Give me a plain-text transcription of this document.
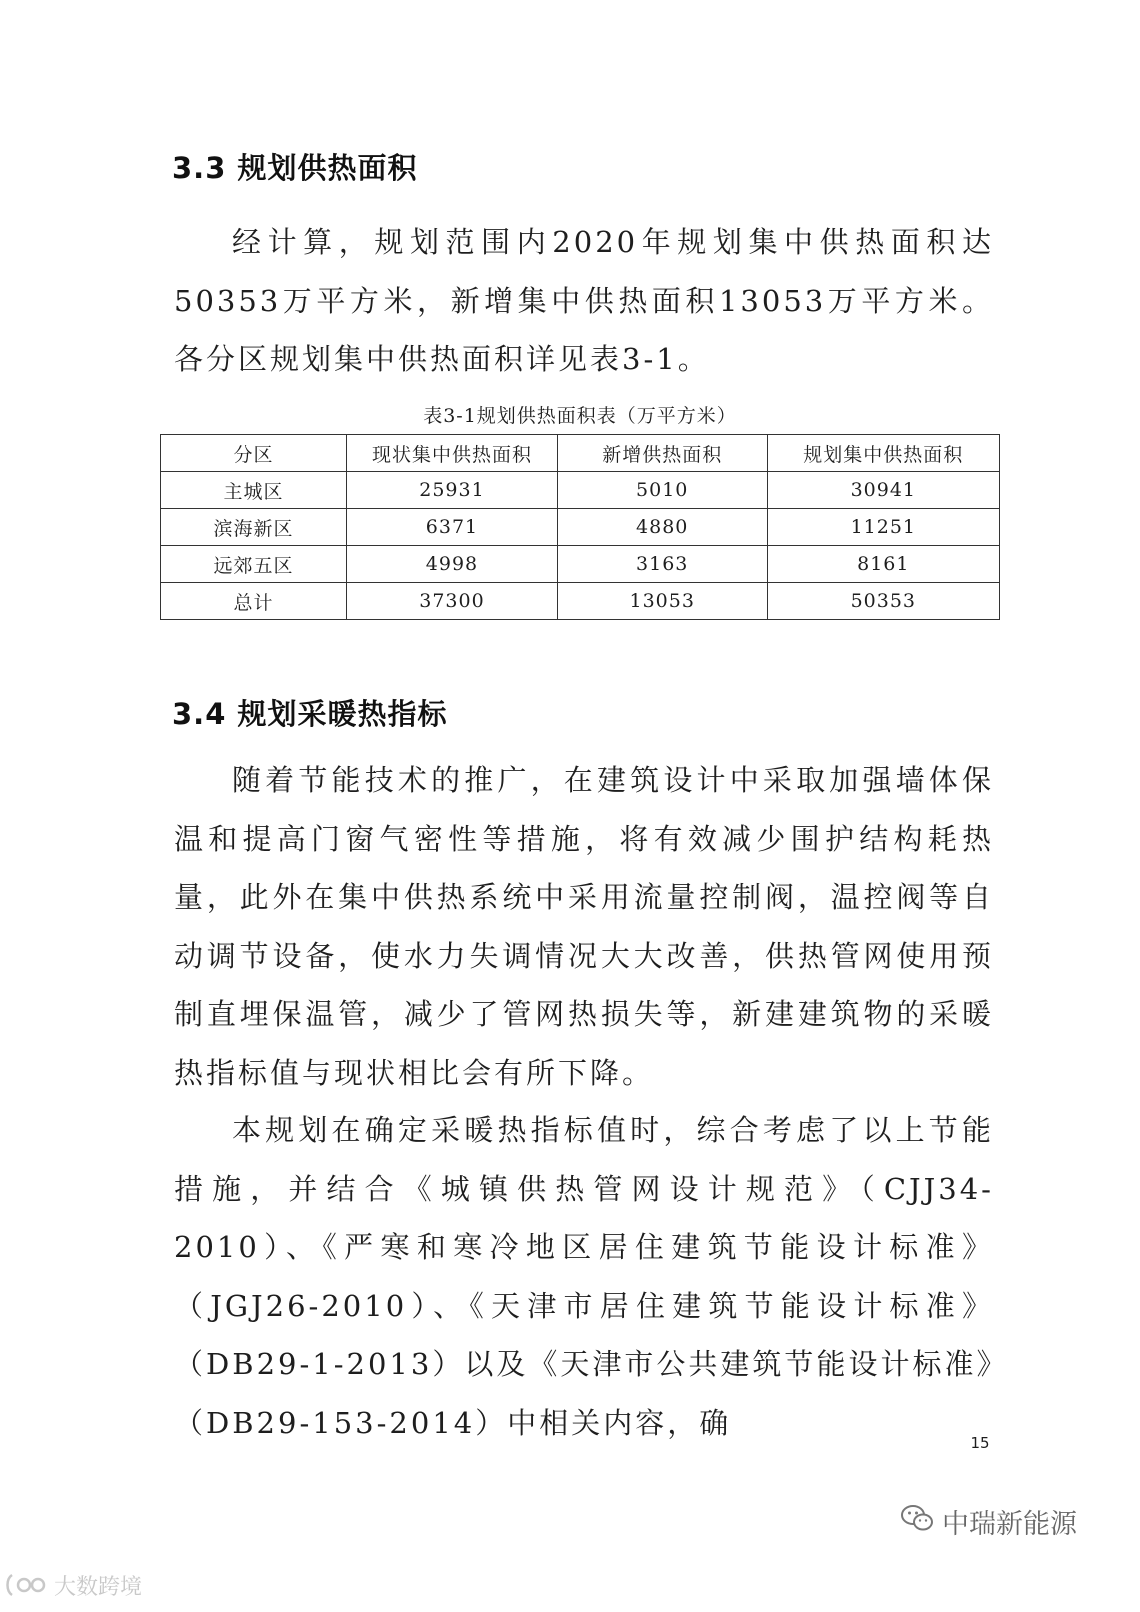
3.3 规划供热面积

经计算，规划范围内2020年规划集中供热面积达50353万平方米，新增集中供热面积13053万平方米。各分区规划集中供热面积详见表3-1。

表3-1规划供热面积表（万平方米）
分区	现状集中供热面积	新增供热面积	规划集中供热面积
主城区	25931	5010	30941
滨海新区	6371	4880	11251
远郊五区	4998	3163	8161
总计	37300	13053	50353
3.4 规划采暖热指标

随着节能技术的推广，在建筑设计中采取加强墙体保温和提高门窗气密性等措施，将有效减少围护结构耗热量，此外在集中供热系统中采用流量控制阀，温控阀等自动调节设备，使水力失调情况大大改善，供热管网使用预制直埋保温管，减少了管网热损失等，新建建筑物的采暖热指标值与现状相比会有所下降。

本规划在确定采暖热指标值时，综合考虑了以上节能措施，并结合《城镇供热管网设计规范》（CJJ34-2010）、《严寒和寒冷地区居住建筑节能设计标准》（JGJ26-2010）、《天津市居住建筑节能设计标准》（DB29-1-2013）以及《天津市公共建筑节能设计标准》（DB29-153-2014）中相关内容，确

15
中瑞新能源
大数跨境
